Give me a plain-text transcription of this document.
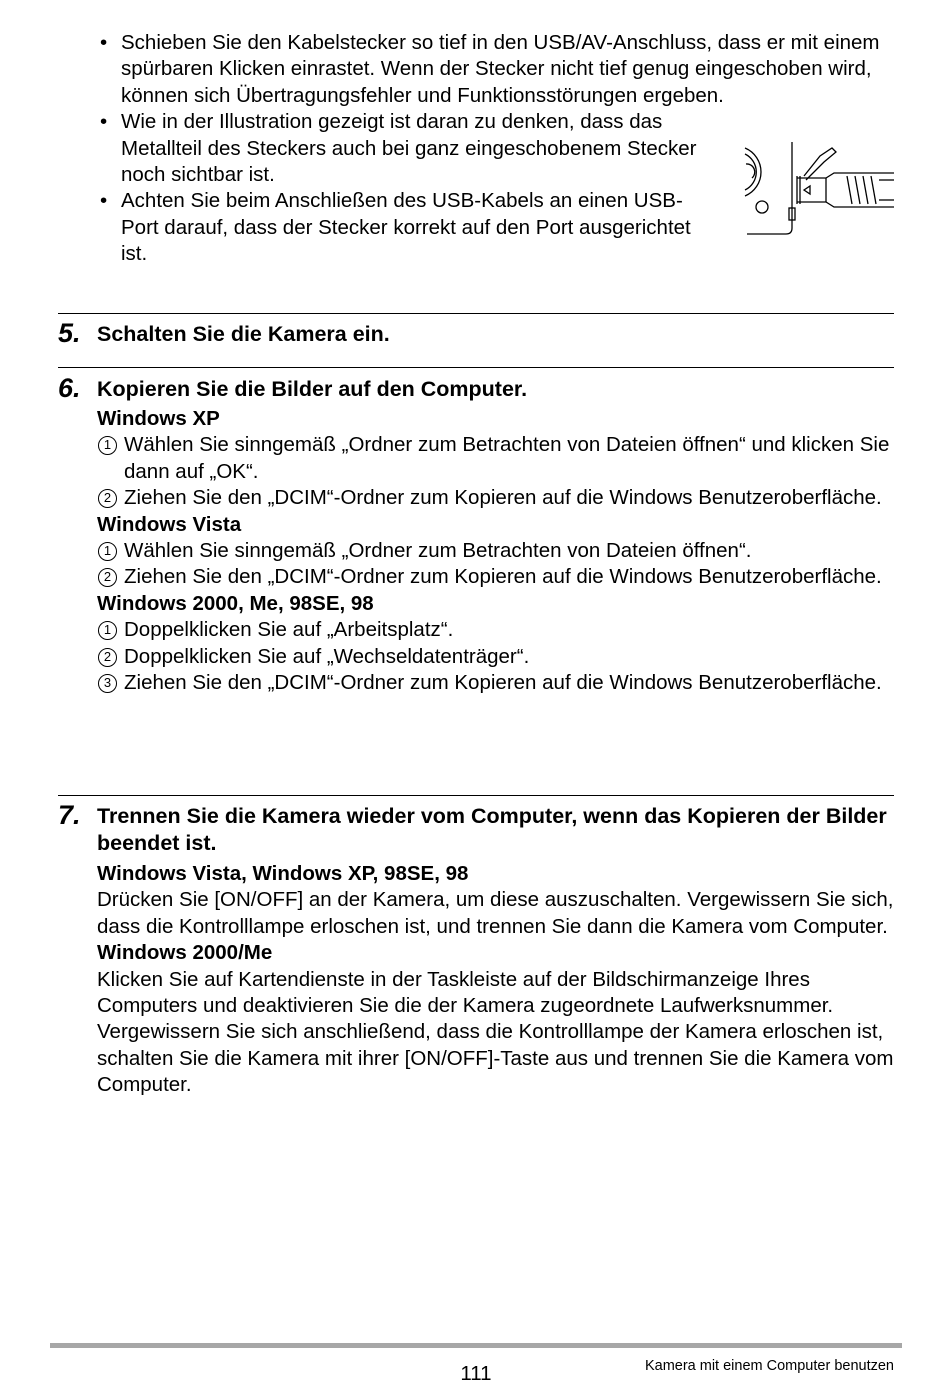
• Schieben Sie den Kabelstecker so tief in den USB/AV-Anschluss, dass er mit einem spürbaren Klicken einrastet. Wenn der Stecker nicht tief genug eingeschoben wird, können sich Übertragungsfehler und Funktionsstörungen ergeben.
• Wie in der Illustration gezeigt ist daran zu denken, dass das Metallteil des Steckers auch bei ganz eingeschobenem Stecker noch sichtbar ist.
• Achten Sie beim Anschließen des USB-Kabels an einen USB-Port darauf, dass der Stecker korrekt auf den Port ausgerichtet ist.
5. Schalten Sie die Kamera ein.
6. Kopieren Sie die Bilder auf den Computer.
Windows XP
1 Wählen Sie sinngemäß „Ordner zum Betrachten von Dateien öffnen“ und klicken Sie dann auf „OK“.
2 Ziehen Sie den „DCIM“-Ordner zum Kopieren auf die Windows Benutzeroberfläche.
Windows Vista
1 Wählen Sie sinngemäß „Ordner zum Betrachten von Dateien öffnen“.
2 Ziehen Sie den „DCIM“-Ordner zum Kopieren auf die Windows Benutzeroberfläche.
Windows 2000, Me, 98SE, 98
1 Doppelklicken Sie auf „Arbeitsplatz“.
2 Doppelklicken Sie auf „Wechseldatenträger“.
3 Ziehen Sie den „DCIM“-Ordner zum Kopieren auf die Windows Benutzeroberfläche.
7. Trennen Sie die Kamera wieder vom Computer, wenn das Kopieren der Bilder beendet ist.
Windows Vista, Windows XP, 98SE, 98
Drücken Sie [ON/OFF] an der Kamera, um diese auszuschalten. Vergewissern Sie sich, dass die Kontrolllampe erloschen ist, und trennen Sie dann die Kamera vom Computer.
Windows 2000/Me
Klicken Sie auf Kartendienste in der Taskleiste auf der Bildschirmanzeige Ihres Computers und deaktivieren Sie die der Kamera zugeordnete Laufwerksnummer. Vergewissern Sie sich anschließend, dass die Kontrolllampe der Kamera erloschen ist, schalten Sie die Kamera mit ihrer [ON/OFF]-Taste aus und trennen Sie die Kamera vom Computer.
111	Kamera mit einem Computer benutzen
